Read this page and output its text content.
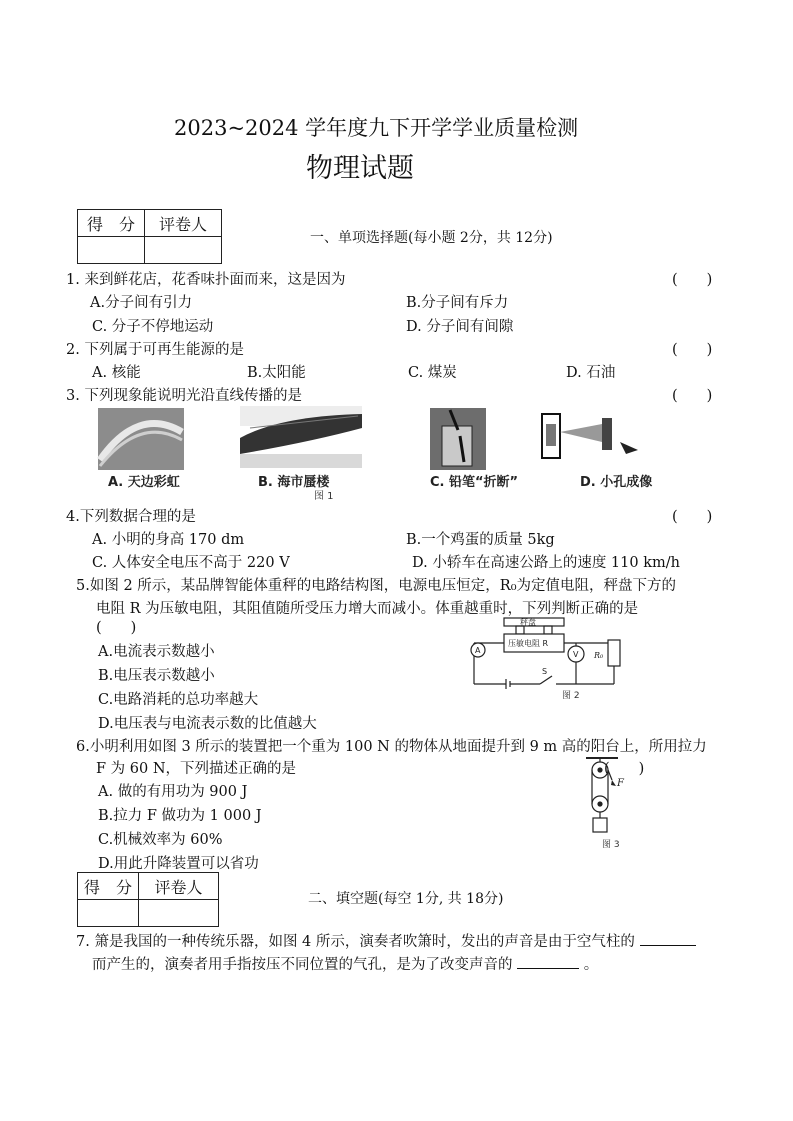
2023~2024 学年度九下开学学业质量检测
物理试题
得　分	评卷人

一、单项选择题(每小题 2分，共 12分)
1. 来到鲜花店，花香味扑面而来，这是因为	(　　)
A.分子间有引力	B.分子间有斥力
C. 分子不停地运动	D. 分子间有间隙
2. 下列属于可再生能源的是	(　　)
A. 核能	B.太阳能	C. 煤炭	D. 石油
3. 下列现象能说明光沿直线传播的是	(　　)
A. 天边彩虹	B. 海市蜃楼	C. 铅笔“折断”	D. 小孔成像
图 1
4.下列数据合理的是	(　　)
A. 小明的身高 170 dm	B.一个鸡蛋的质量 5kg
C. 人体安全电压不高于 220 V	D. 小轿车在高速公路上的速度 110 km/h
5.如图 2 所示，某品牌智能体重秤的电路结构图，电源电压恒定，R₀为定值电阻，秤盘下方的
电阻 R 为压敏电阻，其阻值随所受压力增大而减小。体重越重时，下列判断正确的是
(　　)
A.电流表示数越小
B.电压表示数越小
C.电路消耗的总功率越大
D.电压表与电流表示数的比值越大
秤盘
压敏电阻 R
A	V R₀
S
图 2
6.小明利用如图 3 所示的装置把一个重为 100 N 的物体从地面提升到 9 m 高的阳台上，所用拉力
F 为 60 N，下列描述正确的是	(　　)
A. 做的有用功为 900 J
B.拉力 F 做功为 1 000 J
C.机械效率为 60%
D.用此升降装置可以省功
F
图 3
得　分	评卷人

二、填空题(每空 1分, 共 18分)
7. 箫是我国的一种传统乐器，如图 4 所示，演奏者吹箫时，发出的声音是由于空气柱的
而产生的，演奏者用手指按压不同位置的气孔，是为了改变声音的	。
